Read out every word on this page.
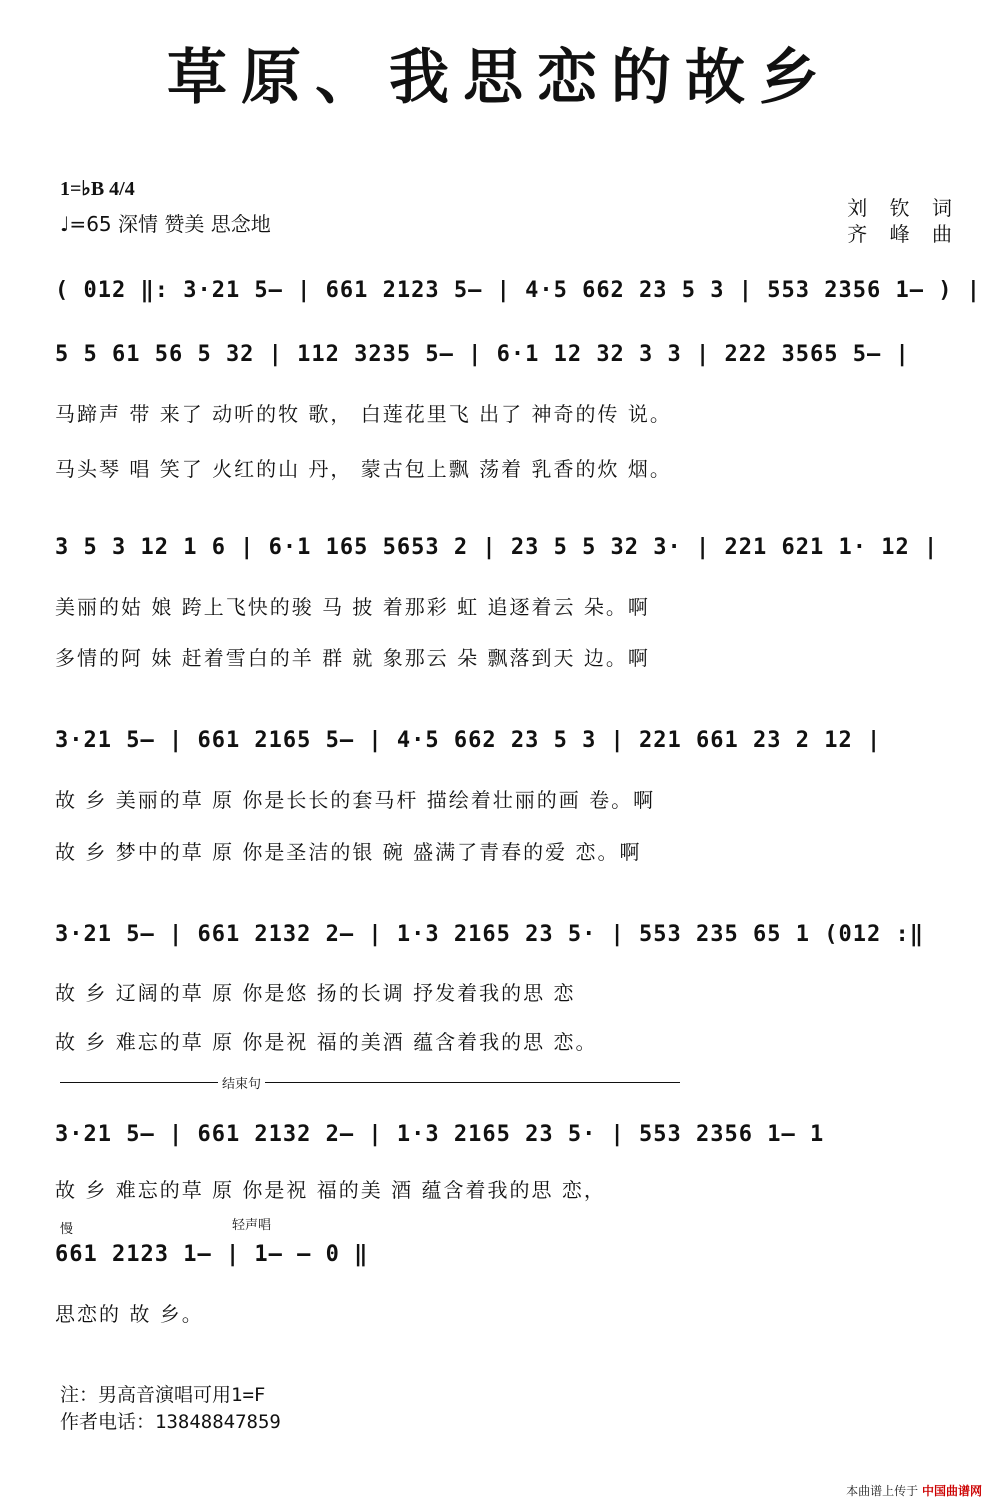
草原、我思恋的故乡
1=♭B 4/4
♩=65 深情 赞美 思念地
刘 钦 词
齐 峰 曲
( 012 ‖: 3·21 5— | 661 2123 5— | 4·5 662 23 5 3 | 553 2356 1— ) |
5 5 61 56 5 32 | 112 3235 5— | 6·1 12 32 3 3 | 222 3565 5— |
马蹄声 带 来了 动听的牧 歌， 白莲花里飞 出了 神奇的传 说。
马头琴 唱 笑了 火红的山 丹， 蒙古包上飘 荡着 乳香的炊 烟。
3 5 3 12 1 6 | 6·1 165 5653 2 | 23 5 5 32 3· | 221 621 1· 12 |
美丽的姑 娘 跨上飞快的骏 马 披 着那彩 虹 追逐着云 朵。啊
多情的阿 妹 赶着雪白的羊 群 就 象那云 朵 飘落到天 边。啊
3·21 5— | 661 2165 5— | 4·5 662 23 5 3 | 221 661 23 2 12 |
故 乡 美丽的草 原 你是长长的套马杆 描绘着壮丽的画 卷。啊
故 乡 梦中的草 原 你是圣洁的银 碗 盛满了青春的爱 恋。啊
3·21 5— | 661 2132 2— | 1·3 2165 23 5· | 553 235 65 1 (012 :‖
故 乡 辽阔的草 原 你是悠 扬的长调 抒发着我的思 恋
故 乡 难忘的草 原 你是祝 福的美酒 蕴含着我的思 恋。
结束句
3·21 5— | 661 2132 2— | 1·3 2165 23 5· | 553 2356 1— 1
故 乡 难忘的草 原 你是祝 福的美 酒 蕴含着我的思 恋，
慢	轻声唱
661 2123 1— | 1— — 0 ‖
思恋的 故 乡。
注：男高音演唱可用1=F
作者电话：13848847859
本曲谱上传于 中国曲谱网
